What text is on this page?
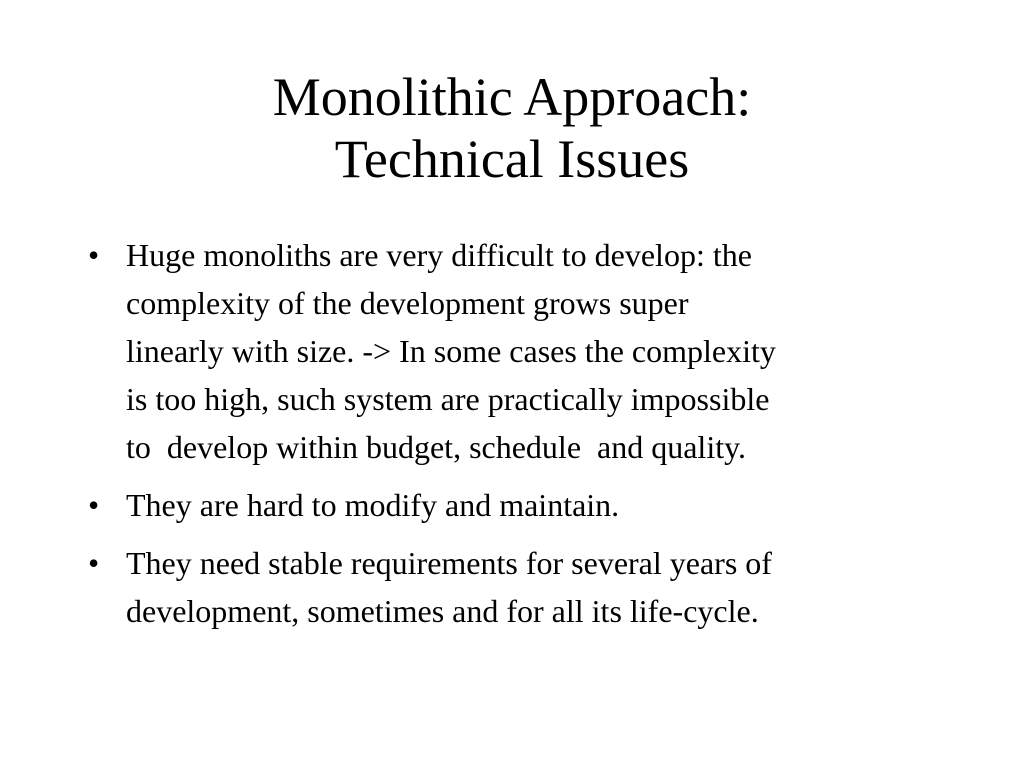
Monolithic Approach:
Technical Issues
• Huge monoliths are very difficult to develop: the
complexity of the development grows super
linearly with size. -> In some cases the complexity
is too high, such system are practically impossible
to  develop within budget, schedule  and quality.
• They are hard to modify and maintain.
• They need stable requirements for several years of
development, sometimes and for all its life-cycle.
